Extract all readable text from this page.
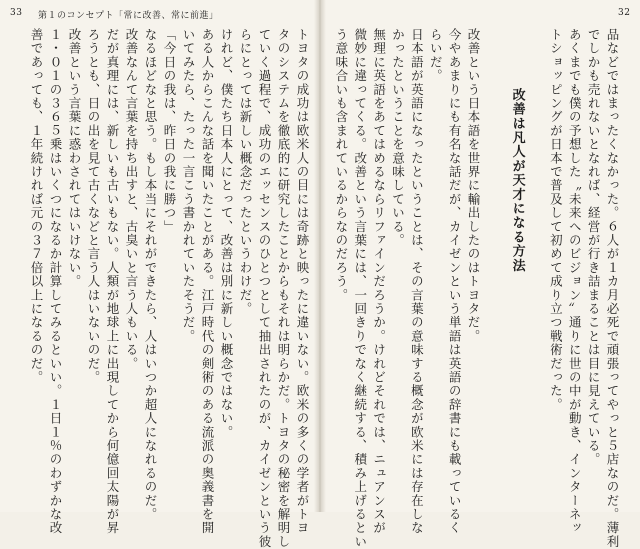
33 第１のコンセプト「常に改善、常に前進」	32
品などではまったくなかった。６人が１カ月必死で頑張ってやっと５店なのだ。薄利
でしかも売れないとなれば、経営が行き詰まることは目に見えている。
あくまでも僕の予想した〝未来へのビジョン〟通りに世の中が動き、インターネッ
トショッピングが日本で普及して初めて成り立つ戦術だった。
改善は凡人が天才になる方法
改善という日本語を世界に輸出したのはトヨタだ。
今やあまりにも有名な話だが、カイゼンという単語は英語の辞書にも載っているく
らいだ。
日本語が英語になったということは、その言葉の意味する概念が欧米には存在しな
かったということを意味している。
無理に英語をあてはめるならリファインだろうか。けれどそれでは、ニュアンスが
微妙に違ってくる。改善という言葉には、一回きりでなく継続する、積み上げるとい
う意味合いも含まれているからなのだろう。
トヨタの成功は欧米人の目には奇跡と映ったに違いない。欧米の多くの学者がトヨ
タのシステムを徹底的に研究したことからもそれは明らかだ。トヨタの秘密を解明し
ていく過程で、成功のエッセンスのひとつとして抽出されたのが、カイゼンという彼
らにとっては新しい概念だったというわけだ。
けれど、僕たち日本人にとって、改善は別に新しい概念ではない。
ある人からこんな話を聞いたことがある。江戸時代の剣術のある流派の奥義書を開
いてみたら、たった一言こう書かれていたそうだ。
「今日の我は、昨日の我に勝つ」
なるほどなと思う。もし本当にそれができたら、人はいつか超人になれるのだ。
改善なんて言葉を持ち出すと、古臭いと言う人もいる。
だが真理には、新しいも古いもない。人類が地球上に出現してから何億回太陽が昇
ろうとも、日の出を見て古くなどと言う人はいないのだ。
改善という言葉に惑わされてはいけない。
１・０１の３６５乗はいくつになるか計算してみるといい。１日１％のわずかな改
善であっても、１年続ければ元の３７倍以上になるのだ。
